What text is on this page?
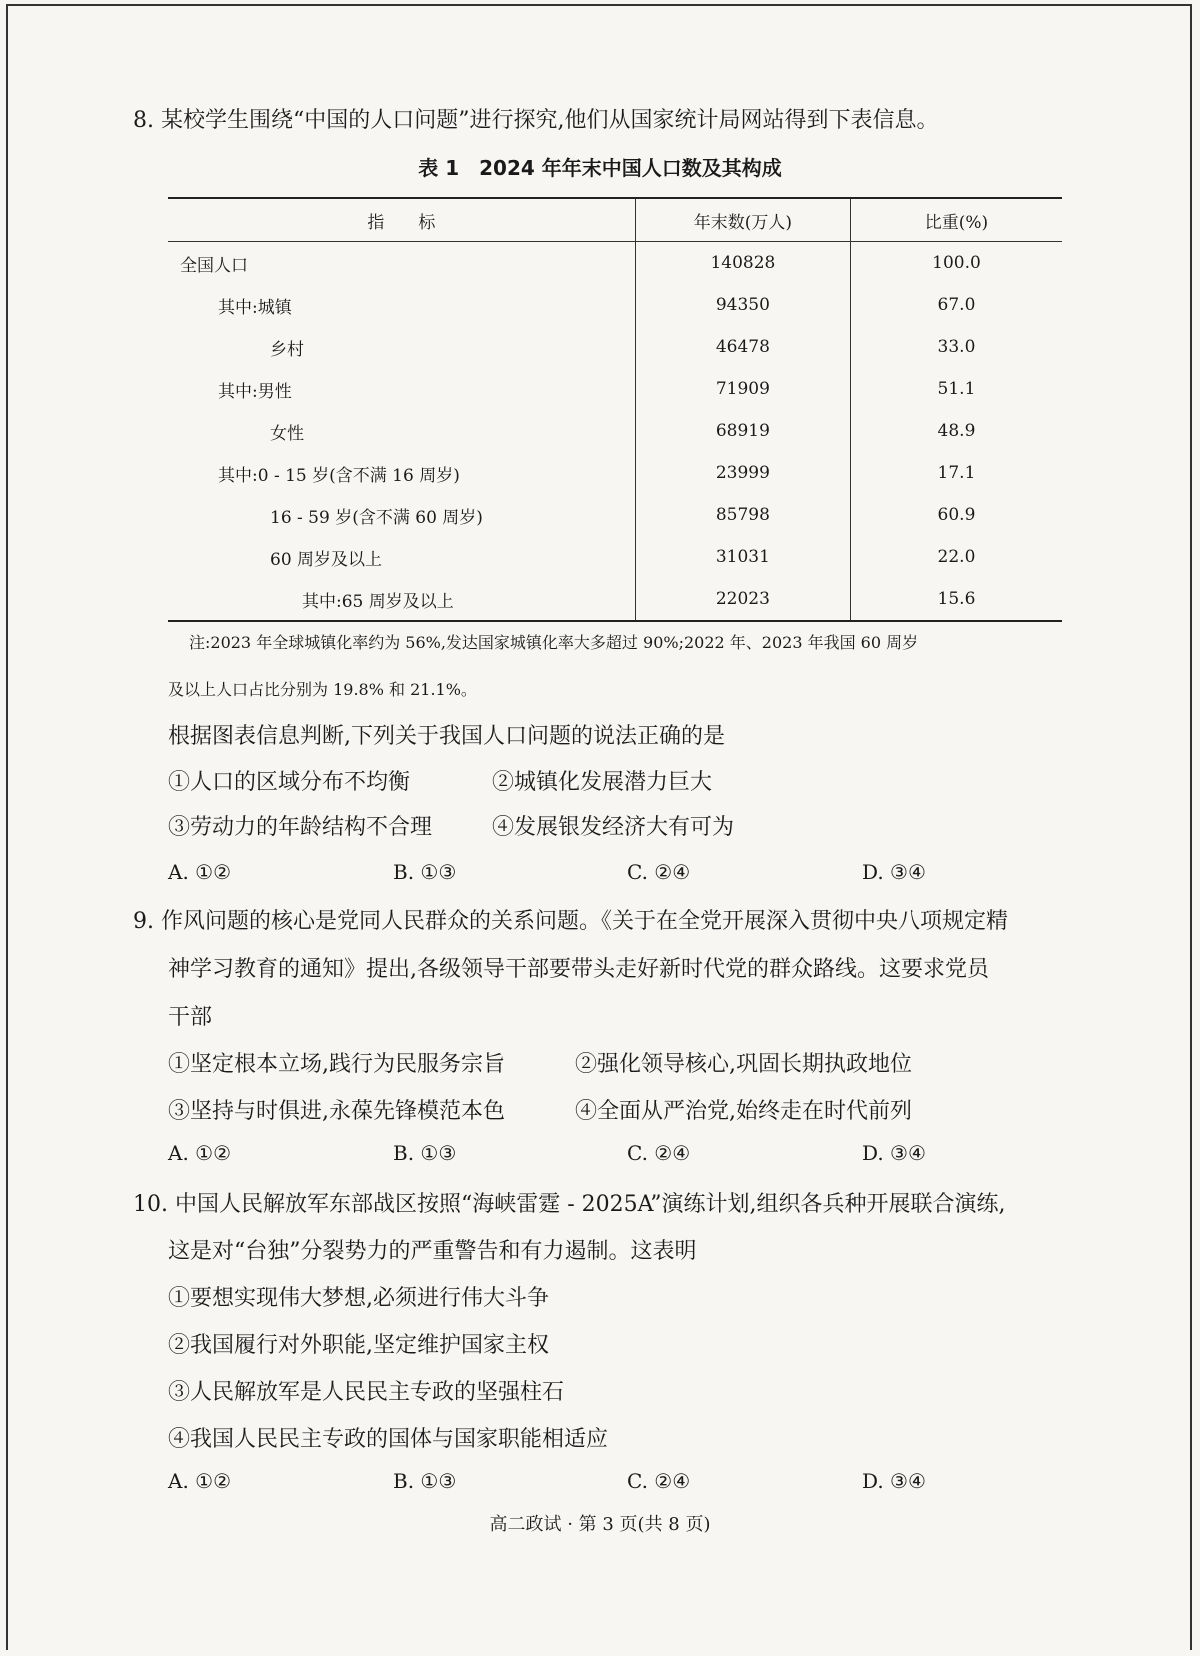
8. 某校学生围绕“中国的人口问题”进行探究,他们从国家统计局网站得到下表信息。
表 1　2024 年年末中国人口数及其构成
指　　标	年末数(万人)	比重(%)
全国人口	140828	100.0
其中:城镇	94350	67.0
乡村	46478	33.0
其中:男性	71909	51.1
女性	68919	48.9
其中:0 - 15 岁(含不满 16 周岁)	23999	17.1
16 - 59 岁(含不满 60 周岁)	85798	60.9
60 周岁及以上	31031	22.0
其中:65 周岁及以上	22023	15.6
注:2023 年全球城镇化率约为 56%,发达国家城镇化率大多超过 90%;2022 年、2023 年我国 60 周岁
及以上人口占比分别为 19.8% 和 21.1%。
根据图表信息判断,下列关于我国人口问题的说法正确的是
①人口的区域分布不均衡	②城镇化发展潜力巨大
③劳动力的年龄结构不合理	④发展银发经济大有可为
A. ①②	B. ①③	C. ②④	D. ③④
9. 作风问题的核心是党同人民群众的关系问题。《关于在全党开展深入贯彻中央八项规定精
神学习教育的通知》提出,各级领导干部要带头走好新时代党的群众路线。这要求党员
干部
①坚定根本立场,践行为民服务宗旨	②强化领导核心,巩固长期执政地位
③坚持与时俱进,永葆先锋模范本色	④全面从严治党,始终走在时代前列
A. ①②	B. ①③	C. ②④	D. ③④
10. 中国人民解放军东部战区按照“海峡雷霆 - 2025A”演练计划,组织各兵种开展联合演练,
这是对“台独”分裂势力的严重警告和有力遏制。这表明
①要想实现伟大梦想,必须进行伟大斗争
②我国履行对外职能,坚定维护国家主权
③人民解放军是人民民主专政的坚强柱石
④我国人民民主专政的国体与国家职能相适应
A. ①②	B. ①③	C. ②④	D. ③④
高二政试 · 第 3 页(共 8 页)
